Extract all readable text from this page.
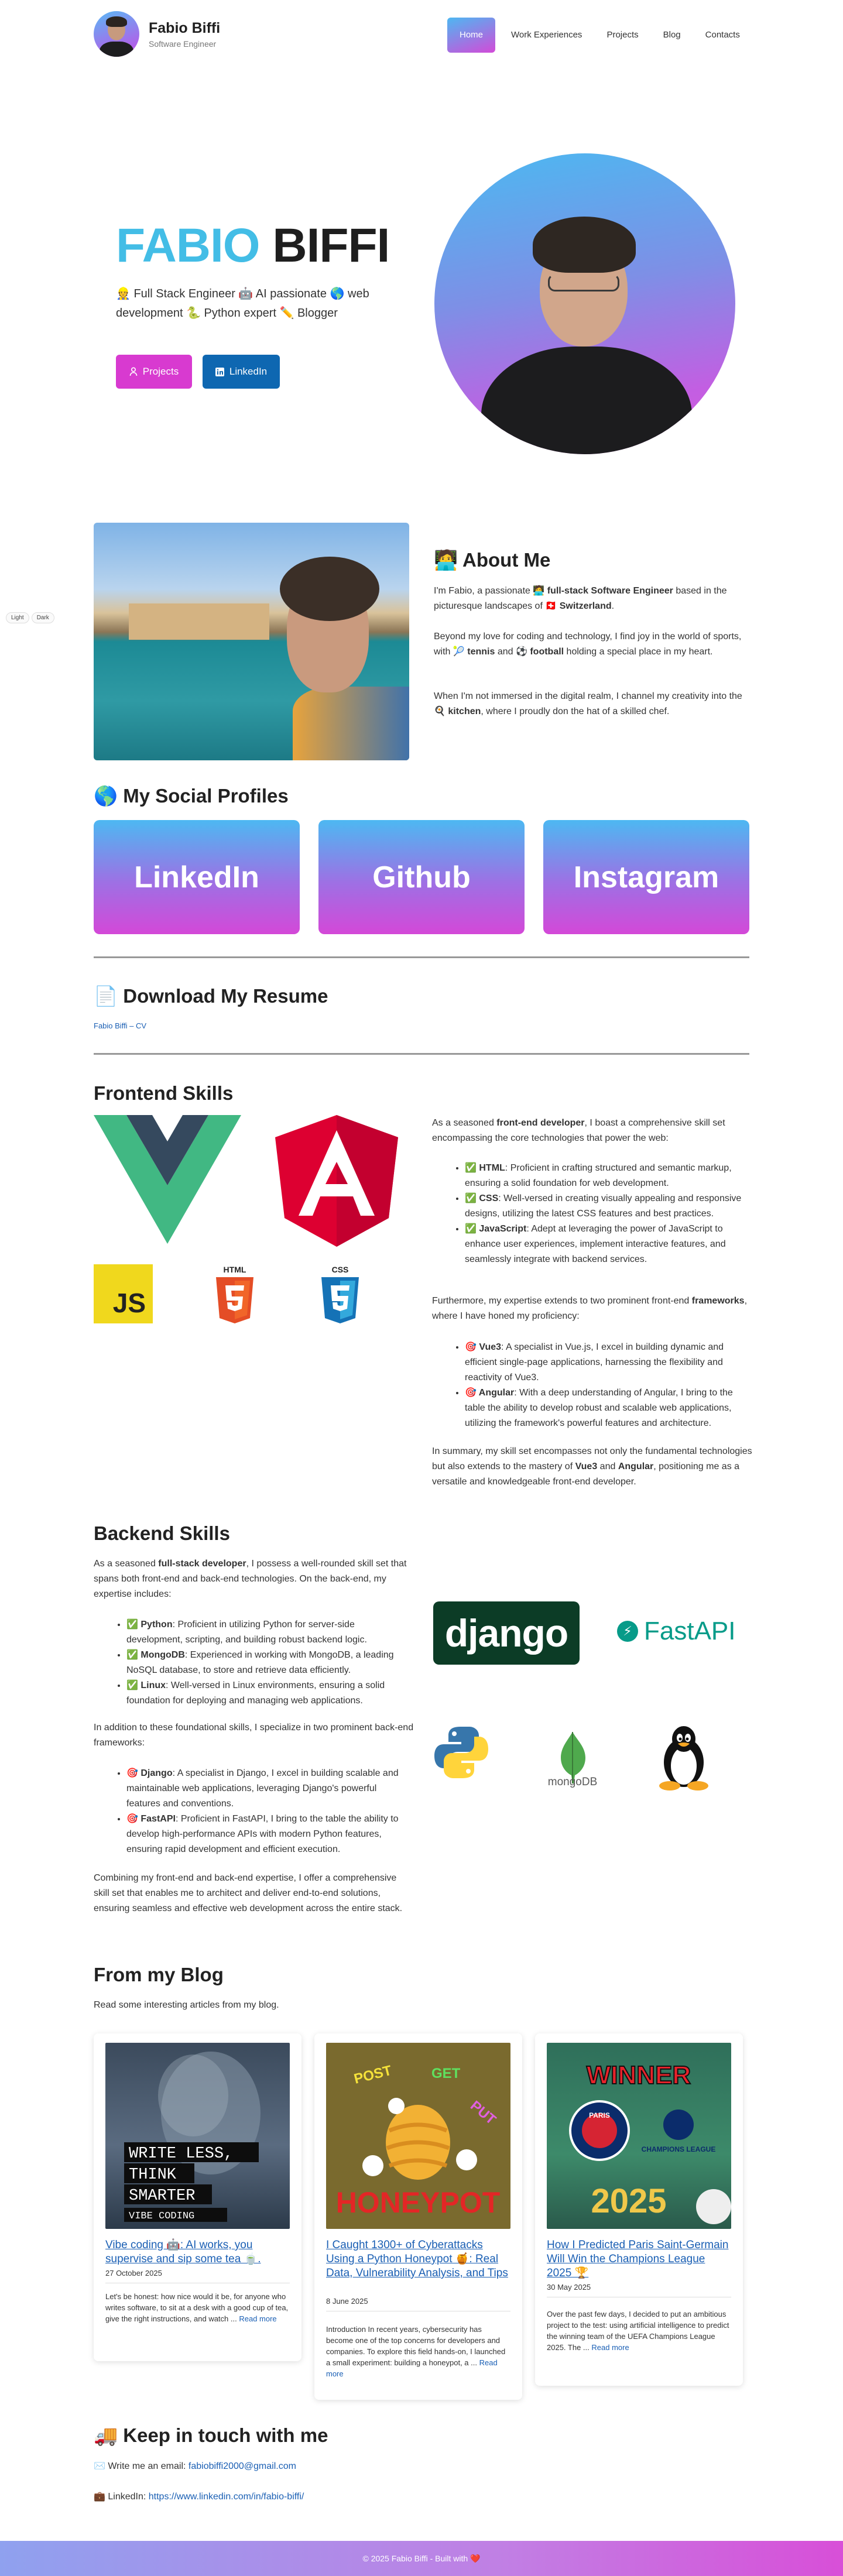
Fabio Biffi
Software Engineer
Home	Work Experiences	Projects	Blog	Contacts
FABIO BIFFI

👷 Full Stack Engineer 🤖 AI passionate 🌎 web development 🐍 Python expert ✏️ Blogger

Projects	LinkedIn
Light	Dark
🧑‍💻 About Me

I'm Fabio, a passionate 🧑‍💻 full-stack Software Engineer based in the picturesque landscapes of 🇨🇭 Switzerland.

Beyond my love for coding and technology, I find joy in the world of sports, with 🎾 tennis and ⚽ football holding a special place in my heart.

When I'm not immersed in the digital realm, I channel my creativity into the 🍳 kitchen, where I proudly don the hat of a skilled chef.

🌎 My Social Profiles
LinkedIn	Github	Instagram
📄 Download My Resume
Fabio Biffi – CV
Frontend Skills
JS
HTML	CSS

As a seasoned front-end developer, I boast a comprehensive skill set encompassing the core technologies that power the web:

• ✅ HTML: Proficient in crafting structured and semantic markup, ensuring a solid foundation for web development.
• ✅ CSS: Well-versed in creating visually appealing and responsive designs, utilizing the latest CSS features and best practices.
• ✅ JavaScript: Adept at leveraging the power of JavaScript to enhance user experiences, implement interactive features, and seamlessly integrate with backend services.

Furthermore, my expertise extends to two prominent front-end frameworks, where I have honed my proficiency:

• 🎯 Vue3: A specialist in Vue.js, I excel in building dynamic and efficient single-page applications, harnessing the flexibility and reactivity of Vue3.
• 🎯 Angular: With a deep understanding of Angular, I bring to the table the ability to develop robust and scalable web applications, utilizing the framework's powerful features and architecture.

In summary, my skill set encompasses not only the fundamental technologies but also extends to the mastery of Vue3 and Angular, positioning me as a versatile and knowledgeable front-end developer.

Backend Skills

As a seasoned full-stack developer, I possess a well-rounded skill set that spans both front-end and back-end technologies. On the back-end, my expertise includes:

• ✅ Python: Proficient in utilizing Python for server-side development, scripting, and building robust backend logic.
• ✅ MongoDB: Experienced in working with MongoDB, a leading NoSQL database, to store and retrieve data efficiently.
• ✅ Linux: Well-versed in Linux environments, ensuring a solid foundation for deploying and managing web applications.

In addition to these foundational skills, I specialize in two prominent back-end frameworks:

• 🎯 Django: A specialist in Django, I excel in building scalable and maintainable web applications, leveraging Django's powerful features and conventions.
• 🎯 FastAPI: Proficient in FastAPI, I bring to the table the ability to develop high-performance APIs with modern Python features, ensuring rapid development and efficient execution.

Combining my front-end and back-end expertise, I offer a comprehensive skill set that enables me to architect and deliver end-to-end solutions, ensuring seamless and effective web development across the entire stack.

django	⚡ FastAPI
mongoDB
From my Blog

Read some interesting articles from my blog.

WRITE LESS,
THINK
SMARTER
VIBE CODING
Vibe coding 🤖: AI works, you supervise and sip some tea 🍵.
27 October 2025

Let's be honest: how nice would it be, for anyone who writes software, to sit at a desk with a good cup of tea, give the right instructions, and watch ... Read more

POST	GET
PUT
HONEYPOT
I Caught 1300+ of Cyberattacks Using a Python Honeypot 🍯: Real Data, Vulnerability Analysis, and Tips
8 June 2025

Introduction In recent years, cybersecurity has become one of the top concerns for developers and companies. To explore this field hands-on, I launched a small experiment: building a honeypot, a ... Read more

WINNER
PARIS
CHAMPIONS LEAGUE
2025
How I Predicted Paris Saint-Germain Will Win the Champions League 2025 🏆
30 May 2025

Over the past few days, I decided to put an ambitious project to the test: using artificial intelligence to predict the winning team of the UEFA Champions League 2025. The ... Read more

🚚 Keep in touch with me

✉️ Write me an email: fabiobiffi2000@gmail.com

💼 LinkedIn: https://www.linkedin.com/in/fabio-biffi/

© 2025 Fabio Biffi - Built with ❤️
